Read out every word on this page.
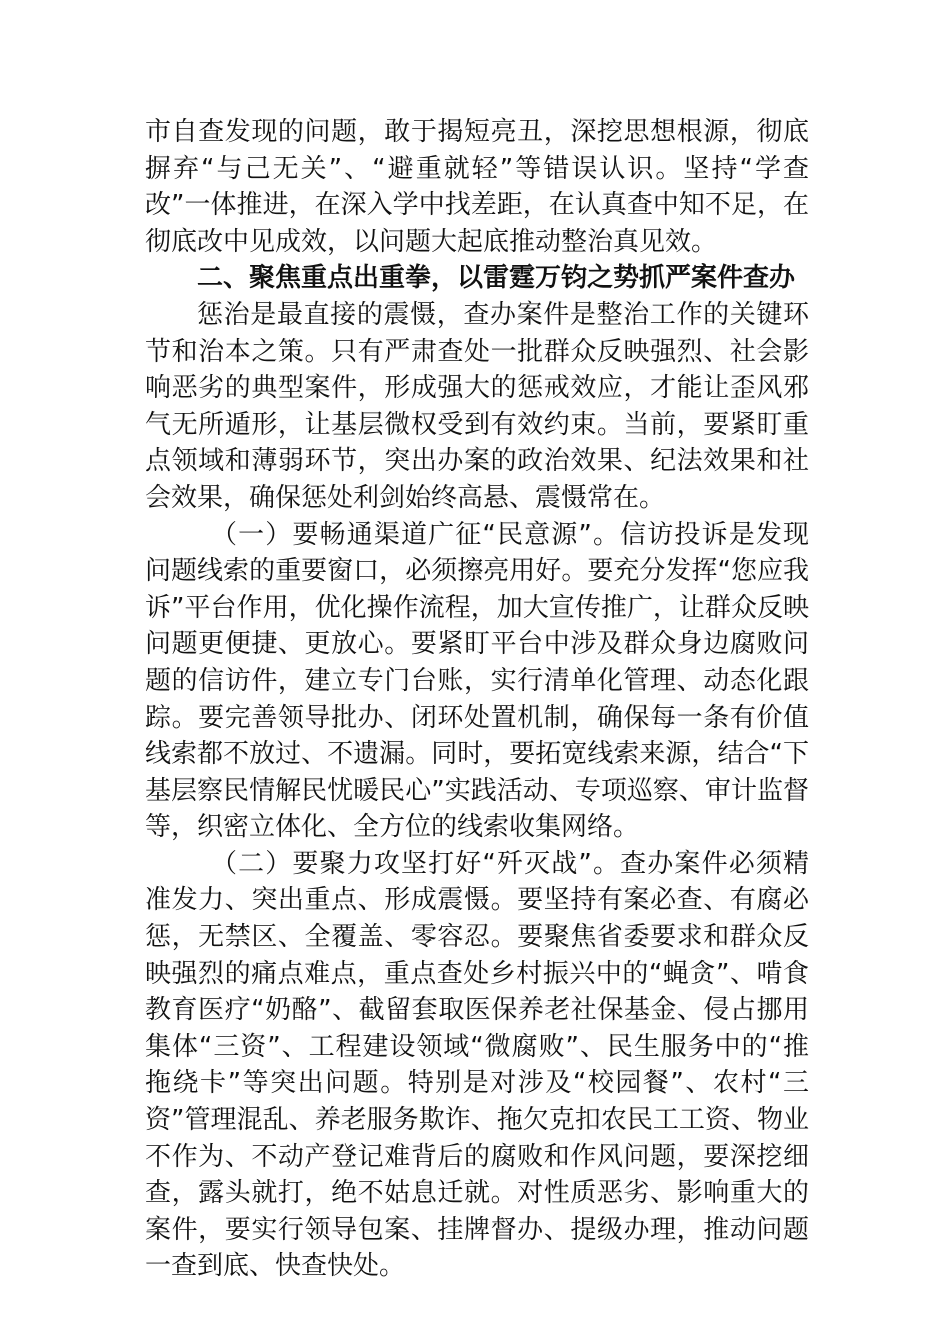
市自查发现的问题，敢于揭短亮丑，深挖思想根源，彻底摒弃“与己无关”、“避重就轻”等错误认识。坚持“学查改”一体推进，在深入学中找差距，在认真查中知不足，在彻底改中见成效，以问题大起底推动整治真见效。

二、聚焦重点出重拳，以雷霆万钧之势抓严案件查办

惩治是最直接的震慑，查办案件是整治工作的关键环节和治本之策。只有严肃查处一批群众反映强烈、社会影响恶劣的典型案件，形成强大的惩戒效应，才能让歪风邪气无所遁形，让基层微权受到有效约束。当前，要紧盯重点领域和薄弱环节，突出办案的政治效果、纪法效果和社会效果，确保惩处利剑始终高悬、震慑常在。

（一）要畅通渠道广征“民意源”。信访投诉是发现问题线索的重要窗口，必须擦亮用好。要充分发挥“您应我诉”平台作用，优化操作流程，加大宣传推广，让群众反映问题更便捷、更放心。要紧盯平台中涉及群众身边腐败问题的信访件，建立专门台账，实行清单化管理、动态化跟踪。要完善领导批办、闭环处置机制，确保每一条有价值线索都不放过、不遗漏。同时，要拓宽线索来源，结合“下基层察民情解民忧暖民心”实践活动、专项巡察、审计监督等，织密立体化、全方位的线索收集网络。

（二）要聚力攻坚打好“歼灭战”。查办案件必须精准发力、突出重点、形成震慑。要坚持有案必查、有腐必惩，无禁区、全覆盖、零容忍。要聚焦省委要求和群众反映强烈的痛点难点，重点查处乡村振兴中的“蝇贪”、啃食教育医疗“奶酪”、截留套取医保养老社保基金、侵占挪用集体“三资”、工程建设领域“微腐败”、民生服务中的“推拖绕卡”等突出问题。特别是对涉及“校园餐”、农村“三资”管理混乱、养老服务欺诈、拖欠克扣农民工工资、物业不作为、不动产登记难背后的腐败和作风问题，要深挖细查，露头就打，绝不姑息迁就。对性质恶劣、影响重大的案件，要实行领导包案、挂牌督办、提级办理，推动问题一查到底、快查快处。
